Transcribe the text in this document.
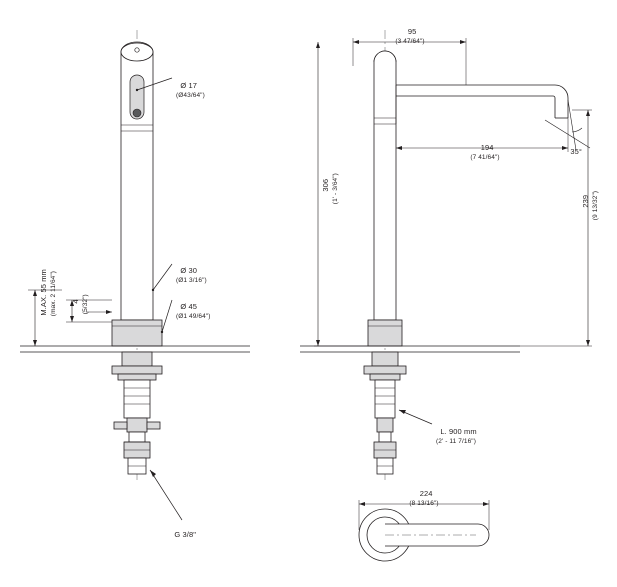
Ø 17
(Ø43/64")

Ø 30
(Ø1 3/16")

Ø 45
(Ø1 49/64")

M.AX. 55 mm (max. 2 11/64")	4 (5/32")

G 3/8"

95
(3 47/64")

194
(7 41/64")

306 (1' - 3/64")	239 (9 13/32")

35°

L. 900 mm
(2' - 11 7/16")

224
(8 13/16")
